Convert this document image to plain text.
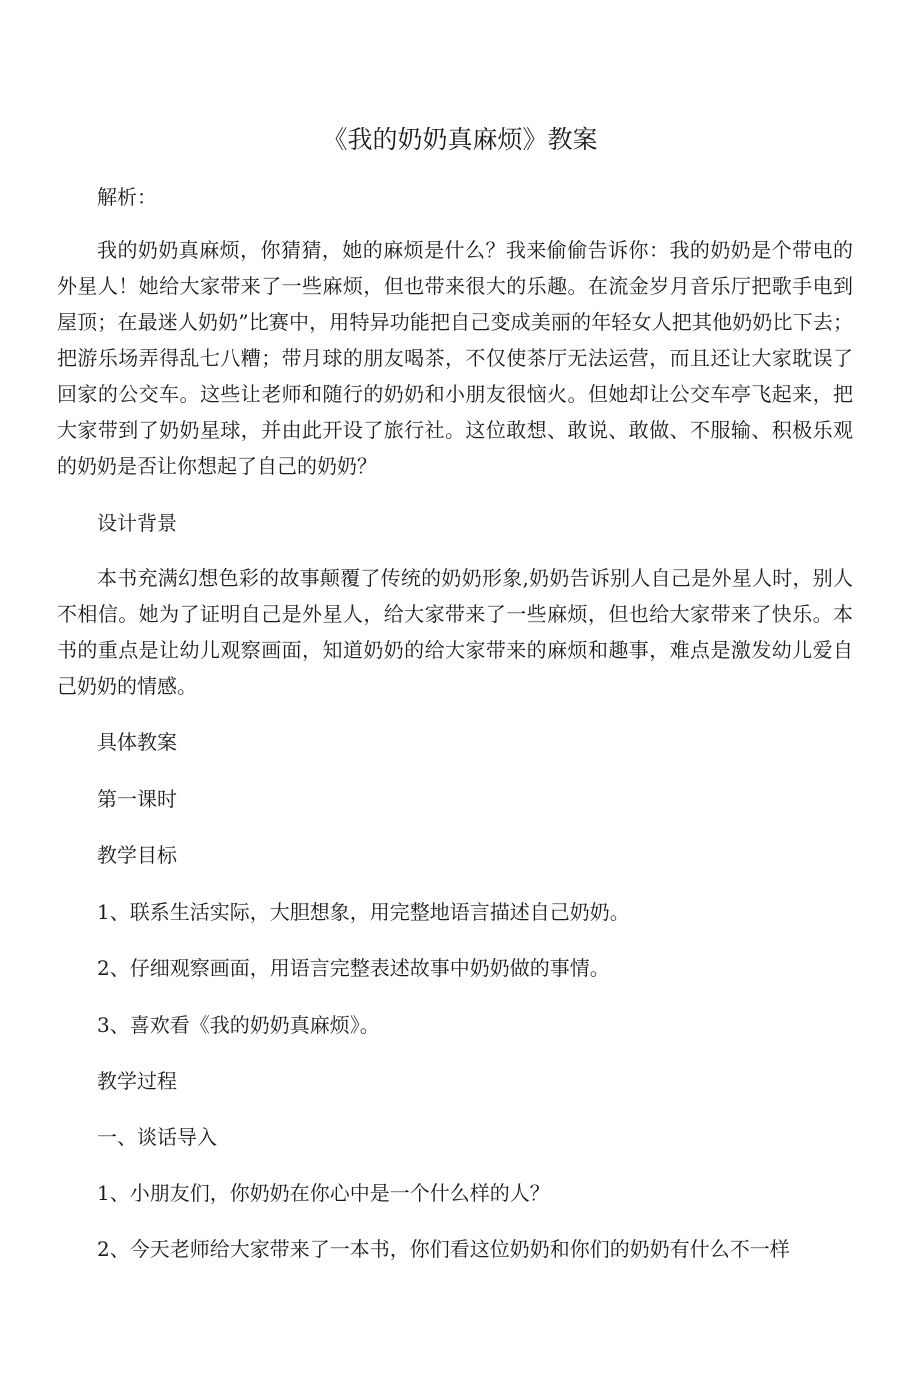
《我的奶奶真麻烦》教案

解析：

我的奶奶真麻烦，你猜猜，她的麻烦是什么？我来偷偷告诉你：我的奶奶是个带电的外星人！她给大家带来了一些麻烦，但也带来很大的乐趣。在流金岁月音乐厅把歌手电到屋顶；在最迷人奶奶”比赛中，用特异功能把自己变成美丽的年轻女人把其他奶奶比下去；把游乐场弄得乱七八糟；带月球的朋友喝茶，不仅使茶厅无法运营，而且还让大家耽误了回家的公交车。这些让老师和随行的奶奶和小朋友很恼火。但她却让公交车亭飞起来，把大家带到了奶奶星球，并由此开设了旅行社。这位敢想、敢说、敢做、不服输、积极乐观的奶奶是否让你想起了自己的奶奶？

设计背景

本书充满幻想色彩的故事颠覆了传统的奶奶形象,奶奶告诉别人自己是外星人时，别人不相信。她为了证明自己是外星人，给大家带来了一些麻烦，但也给大家带来了快乐。本书的重点是让幼儿观察画面，知道奶奶的给大家带来的麻烦和趣事，难点是激发幼儿爱自己奶奶的情感。

具体教案

第一课时

教学目标

1、联系生活实际，大胆想象，用完整地语言描述自己奶奶。

2、仔细观察画面，用语言完整表述故事中奶奶做的事情。

3、喜欢看《我的奶奶真麻烦》。

教学过程

一、谈话导入

1、小朋友们，你奶奶在你心中是一个什么样的人？

2、今天老师给大家带来了一本书，你们看这位奶奶和你们的奶奶有什么不一样
